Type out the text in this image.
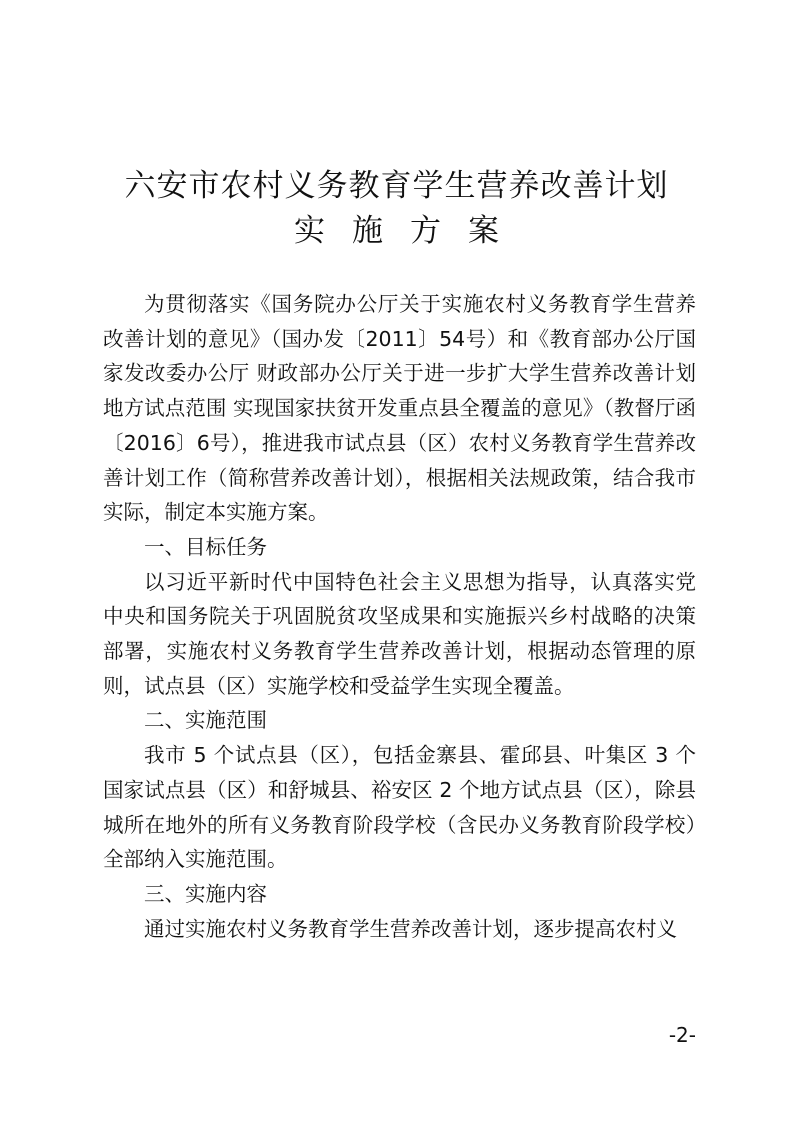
六安市农村义务教育学生营养改善计划
实施方案

为贯彻落实《国务院办公厅关于实施农村义务教育学生营养改善计划的意见》（国办发〔2011〕54号）和《教育部办公厅国家发改委办公厅 财政部办公厅关于进一步扩大学生营养改善计划地方试点范围 实现国家扶贫开发重点县全覆盖的意见》（教督厅函〔2016〕6号），推进我市试点县（区）农村义务教育学生营养改善计划工作（简称营养改善计划），根据相关法规政策，结合我市实际，制定本实施方案。

一、目标任务

以习近平新时代中国特色社会主义思想为指导，认真落实党中央和国务院关于巩固脱贫攻坚成果和实施振兴乡村战略的决策部署，实施农村义务教育学生营养改善计划，根据动态管理的原则，试点县（区）实施学校和受益学生实现全覆盖。

二、实施范围

我市 5 个试点县（区），包括金寨县、霍邱县、叶集区 3 个国家试点县（区）和舒城县、裕安区 2 个地方试点县（区），除县城所在地外的所有义务教育阶段学校（含民办义务教育阶段学校）全部纳入实施范围。

三、实施内容

通过实施农村义务教育学生营养改善计划，逐步提高农村义

-2-
